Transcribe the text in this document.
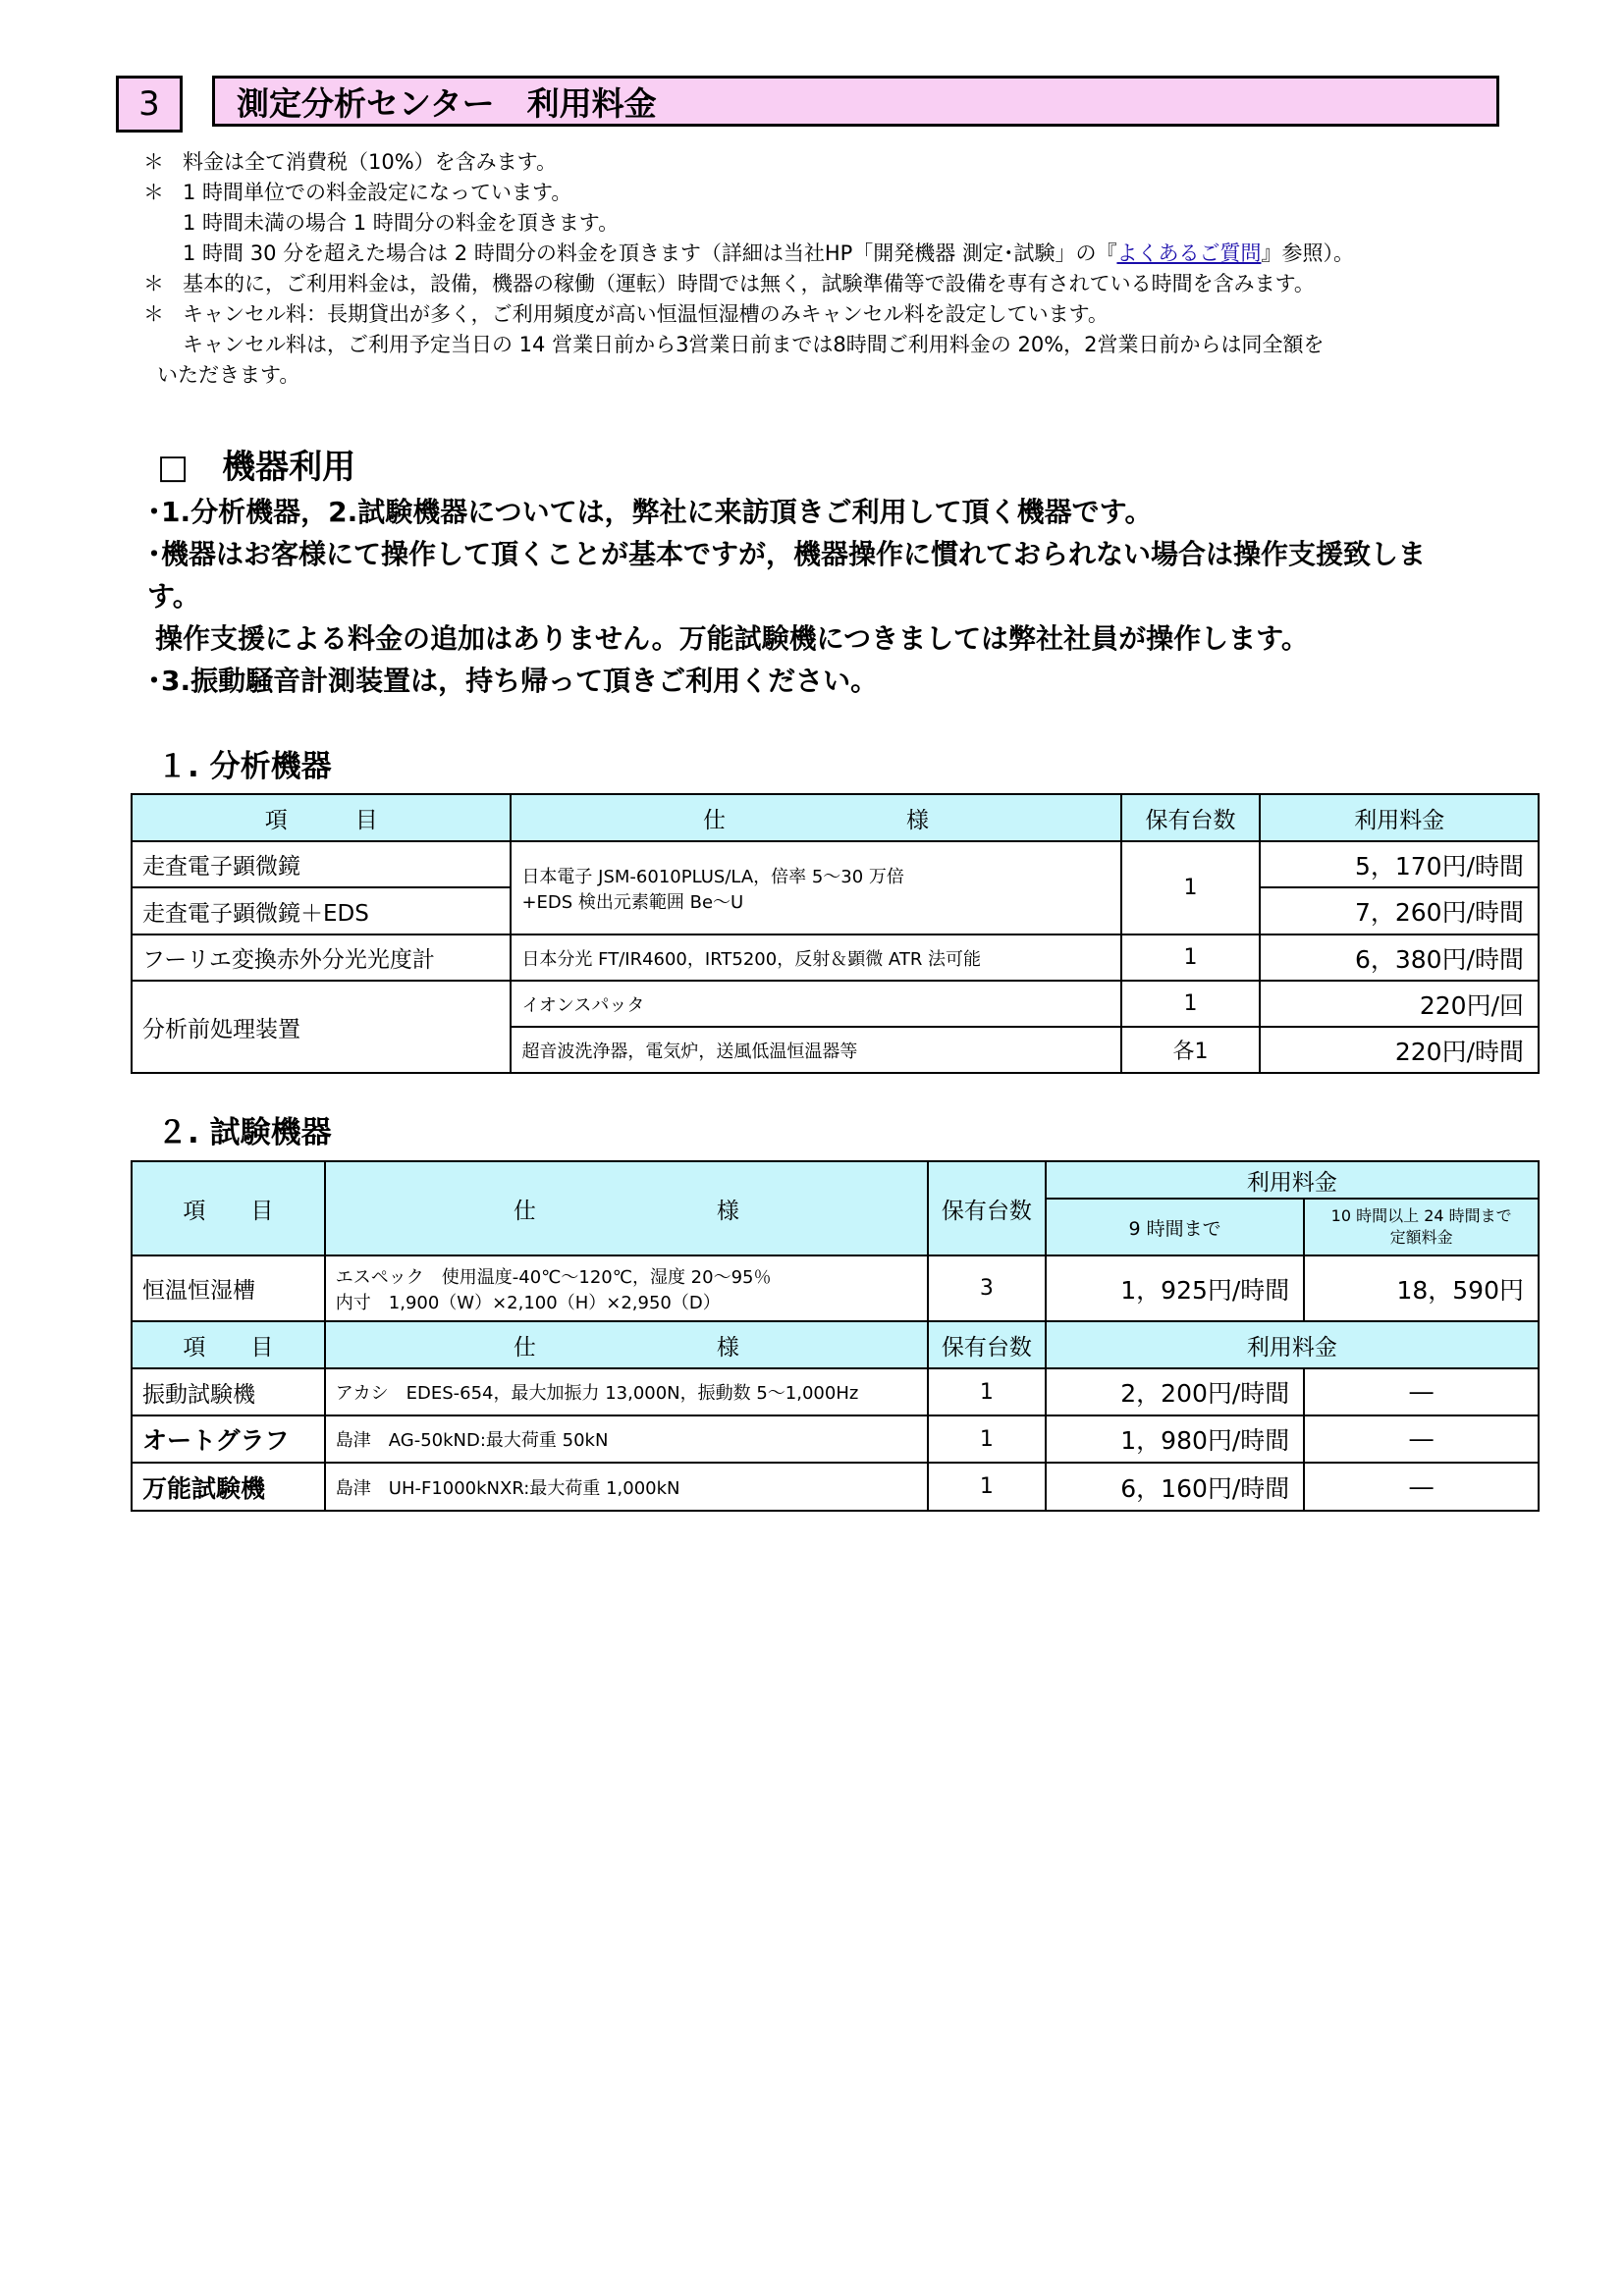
3	測定分析センター　利用料金
＊ 料金は全て消費税（10%）を含みます。
＊ 1 時間単位での料金設定になっています。
1 時間未満の場合 1 時間分の料金を頂きます。
1 時間 30 分を超えた場合は 2 時間分の料金を頂きます（詳細は当社HP「開発機器 測定･試験」の『よくあるご質問』参照）。
＊ 基本的に，ご利用料金は，設備，機器の稼働（運転）時間では無く，試験準備等で設備を専有されている時間を含みます。
＊ キャンセル料：長期貸出が多く，ご利用頻度が高い恒温恒湿槽のみキャンセル料を設定しています。
キャンセル料は，ご利用予定当日の 14 営業日前から3営業日前までは8時間ご利用料金の 20%，2営業日前からは同全額を
いただきます。
□　機器利用
･1.分析機器，2.試験機器については，弊社に来訪頂きご利用して頂く機器です。
･機器はお客様にて操作して頂くことが基本ですが，機器操作に慣れておられない場合は操作支援致しま
す。
操作支援による料金の追加はありません。万能試験機につきましては弊社社員が操作します。
･3.振動騒音計測装置は，持ち帰って頂きご利用ください。
１. 分析機器
項　　　目	仕　　　　　　　　様	保有台数	利用料金
走査電子顕微鏡	日本電子 JSM-6010PLUS/LA，倍率 5～30 万倍
+EDS 検出元素範囲 Be～U	1	5，170円/時間
走査電子顕微鏡＋EDS			7，260円/時間
フーリエ変換赤外分光光度計	日本分光 FT/IR4600，IRT5200，反射＆顕微 ATR 法可能	1	6，380円/時間
分析前処理装置	イオンスパッタ	1	220円/回
	超音波洗浄器，電気炉，送風低温恒温器等	各1	220円/時間
２. 試験機器
項　　目	仕　　　　　　　　様	保有台数	利用料金	
			9 時間まで	10 時間以上 24 時間まで
定額料金

恒温恒湿槽	エスペック　使用温度-40℃～120℃，湿度 20～95％
内寸　1,900（W）×2,100（H）×2,950（D）	3	1，925円/時間	18，590円
項　　目	仕　　　　　　　　様	保有台数	利用料金	
振動試験機	アカシ　EDES-654，最大加振力 13,000N，振動数 5～1,000Hz	1	2，200円/時間	―
オートグラフ	島津　AG-50kND:最大荷重 50kN	1	1，980円/時間	―
万能試験機	島津　UH-F1000kNXR:最大荷重 1,000kN	1	6，160円/時間	―
